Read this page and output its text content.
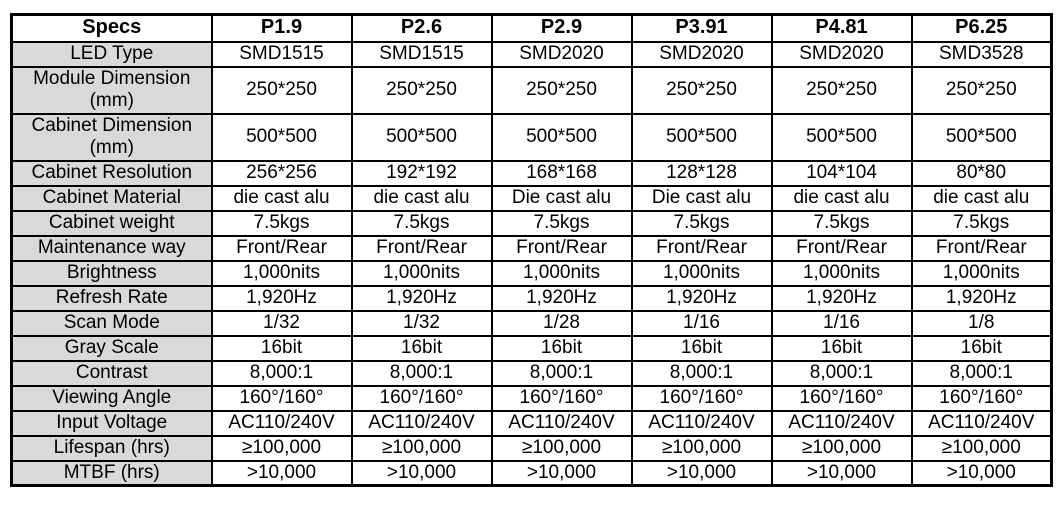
Specs	P1.9	P2.6	P2.9	P3.91	P4.81	P6.25
LED Type	SMD1515	SMD1515	SMD2020	SMD2020	SMD2020	SMD3528
Module Dimension (mm)	250*250	250*250	250*250	250*250	250*250	250*250
Cabinet Dimension (mm)	500*500	500*500	500*500	500*500	500*500	500*500
Cabinet Resolution	256*256	192*192	168*168	128*128	104*104	80*80
Cabinet Material	die cast alu	die cast alu	Die cast alu	Die cast alu	die cast alu	die cast alu
Cabinet weight	7.5kgs	7.5kgs	7.5kgs	7.5kgs	7.5kgs	7.5kgs
Maintenance way	Front/Rear	Front/Rear	Front/Rear	Front/Rear	Front/Rear	Front/Rear
Brightness	1,000nits	1,000nits	1,000nits	1,000nits	1,000nits	1,000nits
Refresh Rate	1,920Hz	1,920Hz	1,920Hz	1,920Hz	1,920Hz	1,920Hz
Scan Mode	1/32	1/32	1/28	1/16	1/16	1/8
Gray Scale	16bit	16bit	16bit	16bit	16bit	16bit
Contrast	8,000:1	8,000:1	8,000:1	8,000:1	8,000:1	8,000:1
Viewing Angle	160°/160°	160°/160°	160°/160°	160°/160°	160°/160°	160°/160°
Input Voltage	AC110/240V	AC110/240V	AC110/240V	AC110/240V	AC110/240V	AC110/240V
Lifespan (hrs)	≥100,000	≥100,000	≥100,000	≥100,000	≥100,000	≥100,000
MTBF (hrs)	>10,000	>10,000	>10,000	>10,000	>10,000	>10,000
